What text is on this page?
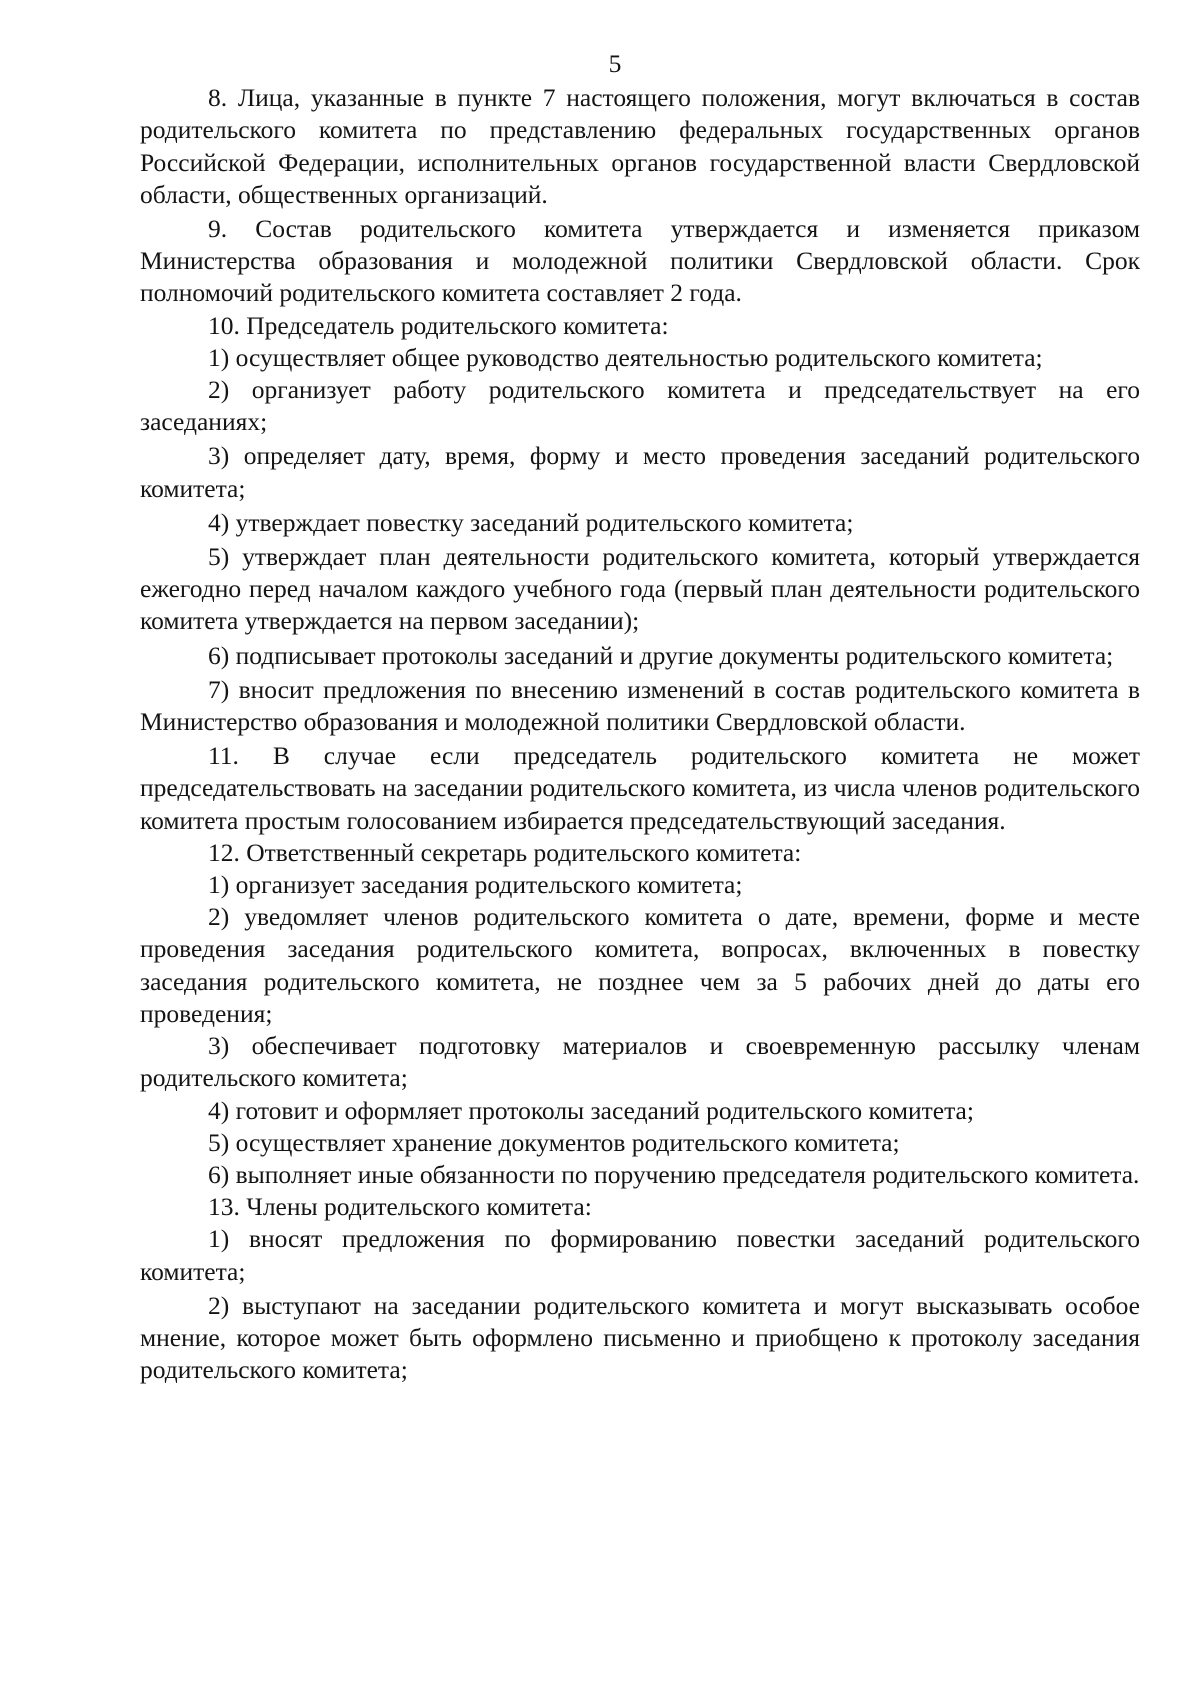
5

8. Лица, указанные в пункте 7 настоящего положения, могут включаться в состав родительского комитета по представлению федеральных государственных органов Российской Федерации, исполнительных органов государственной власти Свердловской области, общественных организаций.

9. Состав родительского комитета утверждается и изменяется приказом Министерства образования и молодежной политики Свердловской области. Срок полномочий родительского комитета составляет 2 года.

10. Председатель родительского комитета:

1) осуществляет общее руководство деятельностью родительского комитета;

2) организует работу родительского комитета и председательствует на его заседаниях;

3) определяет дату, время, форму и место проведения заседаний родительского комитета;

4) утверждает повестку заседаний родительского комитета;

5) утверждает план деятельности родительского комитета, который утверждается ежегодно перед началом каждого учебного года (первый план деятельности родительского комитета утверждается на первом заседании);

6) подписывает протоколы заседаний и другие документы родительского комитета;

7) вносит предложения по внесению изменений в состав родительского комитета в Министерство образования и молодежной политики Свердловской области.

11. В случае если председатель родительского комитета не может председательствовать на заседании родительского комитета, из числа членов родительского комитета простым голосованием избирается председательствующий заседания.

12. Ответственный секретарь родительского комитета:

1) организует заседания родительского комитета;

2) уведомляет членов родительского комитета о дате, времени, форме и месте проведения заседания родительского комитета, вопросах, включенных в повестку заседания родительского комитета, не позднее чем за 5 рабочих дней до даты его проведения;

3) обеспечивает подготовку материалов и своевременную рассылку членам родительского комитета;

4) готовит и оформляет протоколы заседаний родительского комитета;

5) осуществляет хранение документов родительского комитета;

6) выполняет иные обязанности по поручению председателя родительского комитета.

13. Члены родительского комитета:

1) вносят предложения по формированию повестки заседаний родительского комитета;

2) выступают на заседании родительского комитета и могут высказывать особое мнение, которое может быть оформлено письменно и приобщено к протоколу заседания родительского комитета;
